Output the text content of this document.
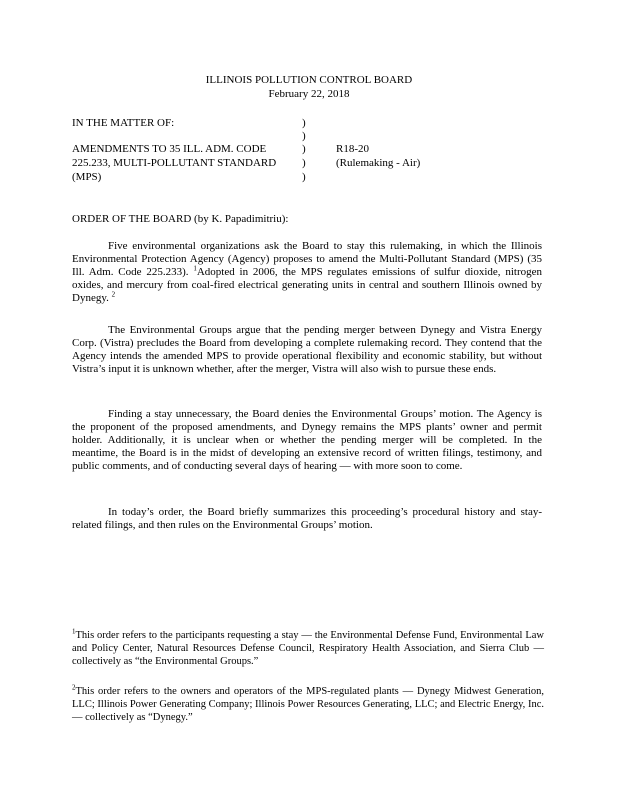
ILLINOIS POLLUTION CONTROL BOARD
February 22, 2018
IN THE MATTER OF:
AMENDMENTS TO 35 ILL. ADM. CODE
225.233, MULTI-POLLUTANT STANDARD
(MPS)
)
)
)
)
)
R18-20
(Rulemaking - Air)
ORDER OF THE BOARD (by K. Papadimitriu):
Five environmental organizations ask the Board to stay this rulemaking, in which the Illinois Environmental Protection Agency (Agency) proposes to amend the Multi-Pollutant Standard (MPS) (35 Ill. Adm. Code 225.233). $^1$Adopted in 2006, the MPS regulates emissions of sulfur dioxide, nitrogen oxides, and mercury from coal-fired electrical generating units in central and southern Illinois owned by Dynegy. $^2$
The Environmental Groups argue that the pending merger between Dynegy and Vistra Energy Corp. (Vistra) precludes the Board from developing a complete rulemaking record. They contend that the Agency intends the amended MPS to provide operational flexibility and economic stability, but without Vistra’s input it is unknown whether, after the merger, Vistra will also wish to pursue these ends.
Finding a stay unnecessary, the Board denies the Environmental Groups’ motion. The Agency is the proponent of the proposed amendments, and Dynegy remains the MPS plants’ owner and permit holder. Additionally, it is unclear when or whether the pending merger will be completed. In the meantime, the Board is in the midst of developing an extensive record of written filings, testimony, and public comments, and of conducting several days of hearing — with more soon to come.
In today’s order, the Board briefly summarizes this proceeding’s procedural history and stay-related filings, and then rules on the Environmental Groups’ motion.
$^1$This order refers to the participants requesting a stay — the Environmental Defense Fund, Environmental Law and Policy Center, Natural Resources Defense Council, Respiratory Health Association, and Sierra Club — collectively as “the Environmental Groups.”
$^2$This order refers to the owners and operators of the MPS-regulated plants — Dynegy Midwest Generation, LLC; Illinois Power Generating Company; Illinois Power Resources Generating, LLC; and Electric Energy, Inc. — collectively as “Dynegy.”
